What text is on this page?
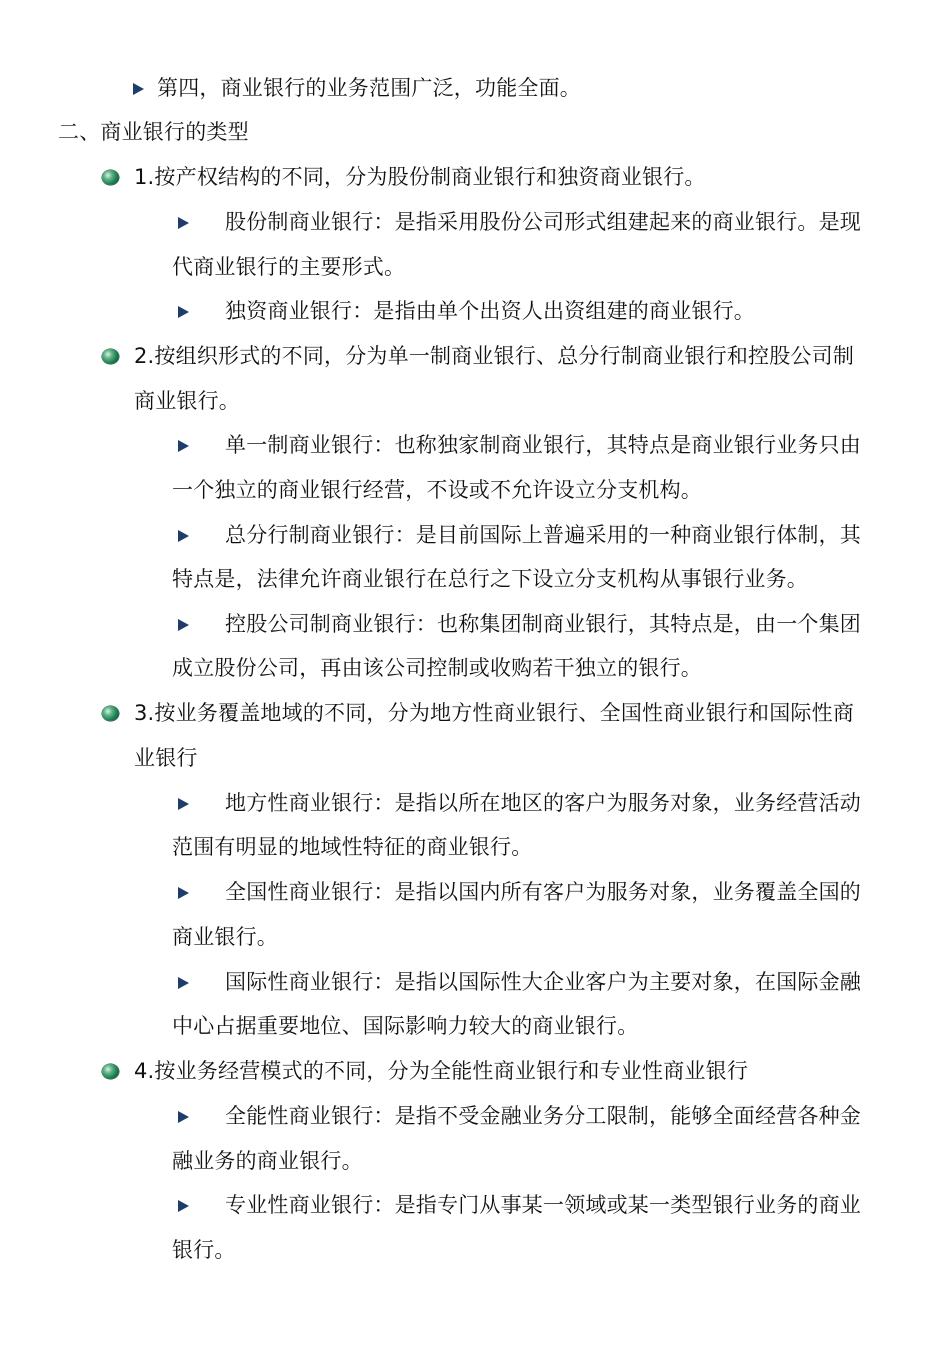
第四，商业银行的业务范围广泛，功能全面。
二、商业银行的类型
1.按产权结构的不同，分为股份制商业银行和独资商业银行。
股份制商业银行：是指采用股份公司形式组建起来的商业银行。是现
代商业银行的主要形式。
独资商业银行：是指由单个出资人出资组建的商业银行。
2.按组织形式的不同，分为单一制商业银行、总分行制商业银行和控股公司制
商业银行。
单一制商业银行：也称独家制商业银行，其特点是商业银行业务只由
一个独立的商业银行经营，不设或不允许设立分支机构。
总分行制商业银行：是目前国际上普遍采用的一种商业银行体制，其
特点是，法律允许商业银行在总行之下设立分支机构从事银行业务。
控股公司制商业银行：也称集团制商业银行，其特点是，由一个集团
成立股份公司，再由该公司控制或收购若干独立的银行。
3.按业务覆盖地域的不同，分为地方性商业银行、全国性商业银行和国际性商
业银行
地方性商业银行：是指以所在地区的客户为服务对象，业务经营活动
范围有明显的地域性特征的商业银行。
全国性商业银行：是指以国内所有客户为服务对象，业务覆盖全国的
商业银行。
国际性商业银行：是指以国际性大企业客户为主要对象，在国际金融
中心占据重要地位、国际影响力较大的商业银行。
4.按业务经营模式的不同，分为全能性商业银行和专业性商业银行
全能性商业银行：是指不受金融业务分工限制，能够全面经营各种金
融业务的商业银行。
专业性商业银行：是指专门从事某一领域或某一类型银行业务的商业
银行。
